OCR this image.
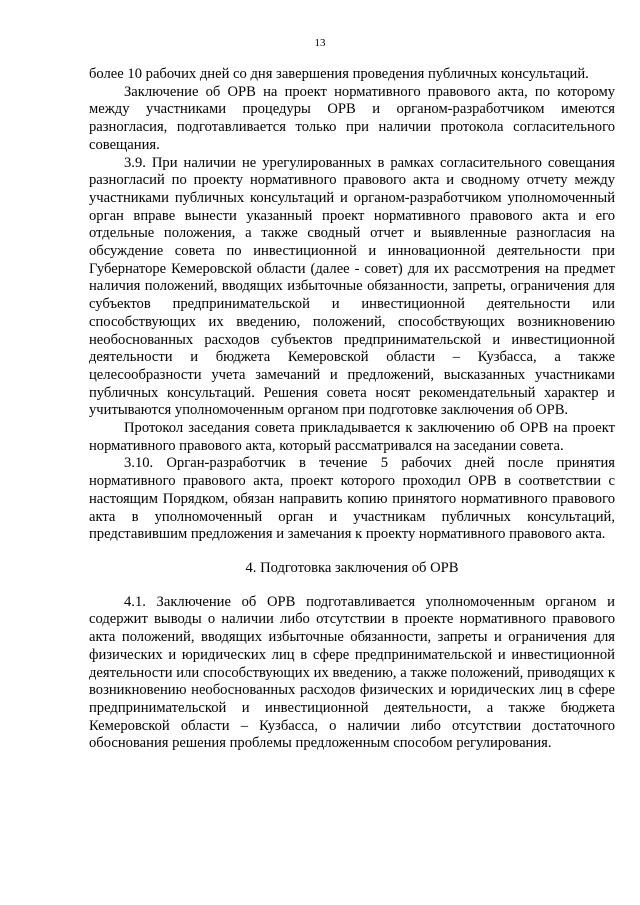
13

более 10 рабочих дней со дня завершения проведения публичных консультаций.

Заключение об ОРВ на проект нормативного правового акта, по которому между участниками процедуры ОРВ и органом-разработчиком имеются разногласия, подготавливается только при наличии протокола согласительного совещания.

3.9. При наличии не урегулированных в рамках согласительного совещания разногласий по проекту нормативного правового акта и сводному отчету между участниками публичных консультаций и органом-разработчиком уполномоченный орган вправе вынести указанный проект нормативного правового акта и его отдельные положения, а также сводный отчет и выявленные разногласия на обсуждение совета по инвестиционной и инновационной деятельности при Губернаторе Кемеровской области (далее - совет) для их рассмотрения на предмет наличия положений, вводящих избыточные обязанности, запреты, ограничения для субъектов предпринимательской и инвестиционной деятельности или способствующих их введению, положений, способствующих возникновению необоснованных расходов субъектов предпринимательской и инвестиционной деятельности и бюджета Кемеровской области – Кузбасса, а также целесообразности учета замечаний и предложений, высказанных участниками публичных консультаций. Решения совета носят рекомендательный характер и учитываются уполномоченным органом при подготовке заключения об ОРВ.

Протокол заседания совета прикладывается к заключению об ОРВ на проект нормативного правового акта, который рассматривался на заседании совета.

3.10. Орган-разработчик в течение 5 рабочих дней после принятия нормативного правового акта, проект которого проходил ОРВ в соответствии с настоящим Порядком, обязан направить копию принятого нормативного правового акта в уполномоченный орган и участникам публичных консультаций, представившим предложения и замечания к проекту нормативного правового акта.

4. Подготовка заключения об ОРВ

4.1. Заключение об ОРВ подготавливается уполномоченным органом и содержит выводы о наличии либо отсутствии в проекте нормативного правового акта положений, вводящих избыточные обязанности, запреты и ограничения для физических и юридических лиц в сфере предпринимательской и инвестиционной деятельности или способствующих их введению, а также положений, приводящих к возникновению необоснованных расходов физических и юридических лиц в сфере предпринимательской и инвестиционной деятельности, а также бюджета Кемеровской области – Кузбасса, о наличии либо отсутствии достаточного обоснования решения проблемы предложенным способом регулирования.
